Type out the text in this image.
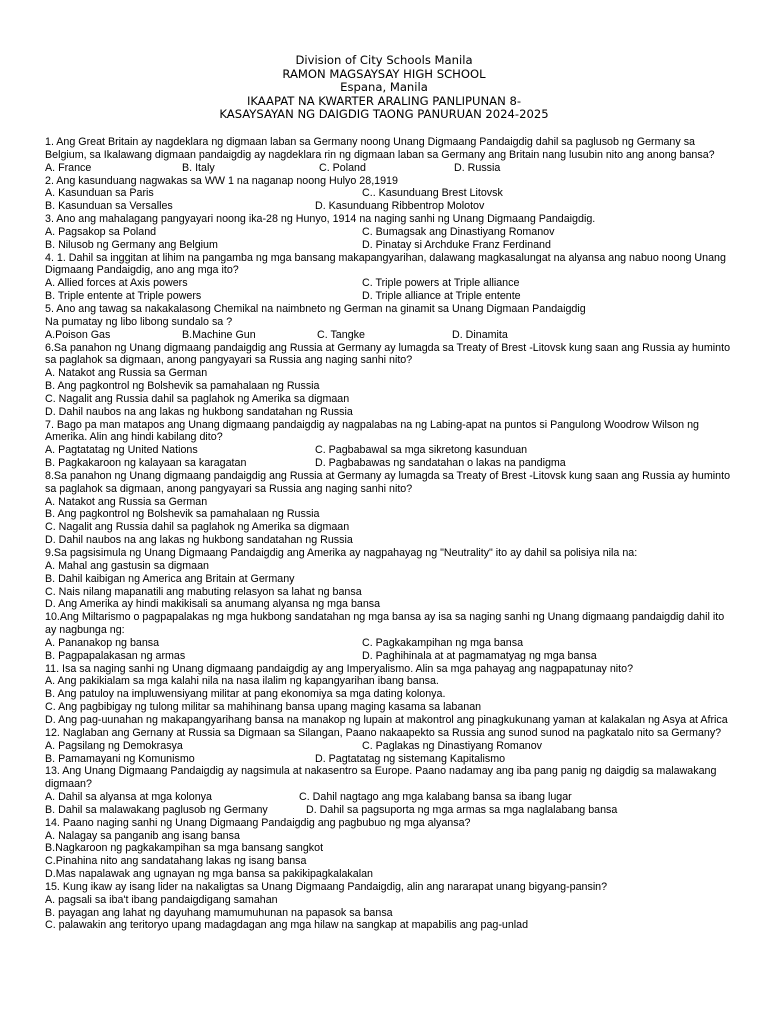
Division of City Schools Manila
RAMON MAGSAYSAY HIGH SCHOOL
Espana, Manila
IKAAPAT NA KWARTER ARALING PANLIPUNAN 8-
KASAYSAYAN NG DAIGDIG TAONG PANURUAN 2024-2025
1. Ang Great Britain ay nagdeklara ng digmaan laban sa Germany noong Unang Digmaang Pandaigdig dahil sa paglusob ng Germany sa Belgium, sa Ikalawang digmaan pandaigdig ay nagdeklara rin ng digmaan laban sa Germany ang Britain nang lusubin nito ang anong bansa?
A. France	B. Italy	C. Poland	D. Russia
2. Ang kasunduang nagwakas sa WW 1 na naganap noong Hulyo 28,1919
A. Kasunduan sa Paris	C.. Kasunduang Brest Litovsk
B. Kasunduan sa Versalles	D. Kasunduang Ribbentrop Molotov
3. Ano ang mahalagang pangyayari noong ika-28 ng Hunyo, 1914 na naging sanhi ng Unang Digmaang Pandaigdig.
A. Pagsakop sa Poland	C. Bumagsak ang Dinastiyang Romanov
B. Nilusob ng Germany ang Belgium	D. Pinatay si Archduke Franz Ferdinand
4. 1. Dahil sa inggitan at lihim na pangamba ng mga bansang makapangyarihan, dalawang magkasalungat na alyansa ang nabuo noong Unang Digmaang Pandaigdig, ano ang mga ito?
A. Allied forces at Axis powers	C. Triple powers at Triple alliance
B. Triple entente at Triple powers	D. Triple alliance at Triple entente
5. Ano ang tawag sa nakakalasong Chemikal na naimbneto ng German na ginamit sa Unang Digmaan Pandaigdig
Na pumatay ng libo libong sundalo sa ?
A.Poison Gas	B.Machine Gun	C. Tangke	D. Dinamita
6.Sa panahon ng Unang digmaang pandaigdig ang Russia at Germany ay lumagda sa Treaty of Brest -Litovsk kung saan ang Russia ay huminto sa paglahok sa digmaan, anong pangyayari sa Russia ang naging sanhi nito?
A. Natakot ang Russia sa German
B. Ang pagkontrol ng Bolshevik sa pamahalaan ng Russia
C. Nagalit ang Russia dahil sa paglahok ng Amerika sa digmaan
D. Dahil naubos na ang lakas ng hukbong sandatahan ng Russia
7. Bago pa man matapos ang Unang digmaang pandaigdig ay nagpalabas na ng Labing-apat na puntos si Pangulong Woodrow Wilson ng Amerika. Alin ang hindi kabilang dito?
A. Pagtatatag ng United Nations	C. Pagbabawal sa mga sikretong kasunduan
B. Pagkakaroon ng kalayaan sa karagatan	D. Pagbabawas ng sandatahan o lakas na pandigma
8.Sa panahon ng Unang digmaang pandaigdig ang Russia at Germany ay lumagda sa Treaty of Brest -Litovsk kung saan ang Russia ay huminto sa paglahok sa digmaan, anong pangyayari sa Russia ang naging sanhi nito?
A. Natakot ang Russia sa German
B. Ang pagkontrol ng Bolshevik sa pamahalaan ng Russia
C. Nagalit ang Russia dahil sa paglahok ng Amerika sa digmaan
D. Dahil naubos na ang lakas ng hukbong sandatahan ng Russia
9.Sa pagsisimula ng Unang Digmaang Pandaigdig ang Amerika ay nagpahayag ng "Neutrality" ito ay dahil sa polisiya nila na:
A. Mahal ang gastusin sa digmaan
B. Dahil kaibigan ng America ang Britain at Germany
C. Nais nilang mapanatili ang mabuting relasyon sa lahat ng bansa
D. Ang Amerika ay hindi makikisali sa anumang alyansa ng mga bansa
10.Ang Miltarismo o pagpapalakas ng mga hukbong sandatahan ng mga bansa ay isa sa naging sanhi ng Unang digmaang pandaigdig dahil ito ay nagbunga ng:
A. Pananakop ng bansa	C. Pagkakampihan ng mga bansa
B. Pagpapalakasan ng armas	D. Paghihinala at at pagmamatyag ng mga bansa
11. Isa sa naging sanhi ng Unang digmaang pandaigdig ay ang Imperyalismo. Alin sa mga pahayag ang nagpapatunay nito?
A. Ang pakikialam sa mga kalahi nila na nasa ilalim ng kapangyarihan ibang bansa.
B. Ang patuloy na impluwensiyang militar at pang ekonomiya sa mga dating kolonya.
C. Ang pagbibigay ng tulong militar sa mahihinang bansa upang maging kasama sa labanan
D. Ang pag-uunahan ng makapangyarihang bansa na manakop ng lupain at makontrol ang pinagkukunang yaman at kalakalan ng Asya at Africa
12. Naglaban ang Gernany at Russia sa Digmaan sa Silangan, Paano nakaapekto sa Russia ang sunod sunod na pagkatalo nito sa Germany?
A. Pagsilang ng Demokrasya	C. Paglakas ng Dinastiyang Romanov
B. Pamamayani ng Komunismo	D. Pagtatatag ng sistemang Kapitalismo
13. Ang Unang Digmaang Pandaigdig ay nagsimula at nakasentro sa Europe. Paano nadamay ang iba pang panig ng daigdig sa malawakang digmaan?
A. Dahil sa alyansa at mga kolonya	C. Dahil nagtago ang mga kalabang bansa sa ibang lugar
B. Dahil sa malawakang paglusob ng Germany	D. Dahil sa pagsuporta ng mga armas sa mga naglalabang bansa
14. Paano naging sanhi ng Unang Digmaang Pandaigdig ang pagbubuo ng mga alyansa?
A. Nalagay sa panganib ang isang bansa
B.Nagkaroon ng pagkakampihan sa mga bansang sangkot
C.Pinahina nito ang sandatahang lakas ng isang bansa
D.Mas napalawak ang ugnayan ng mga bansa sa pakikipagkalakalan
15. Kung ikaw ay isang lider na nakaligtas sa Unang Digmaang Pandaigdig, alin ang nararapat unang bigyang-pansin?
A. pagsali sa iba't ibang pandaigdigang samahan
B. payagan ang lahat ng dayuhang mamumuhunan na papasok sa bansa
C. palawakin ang teritoryo upang madagdagan ang mga hilaw na sangkap at mapabilis ang pag-unlad
